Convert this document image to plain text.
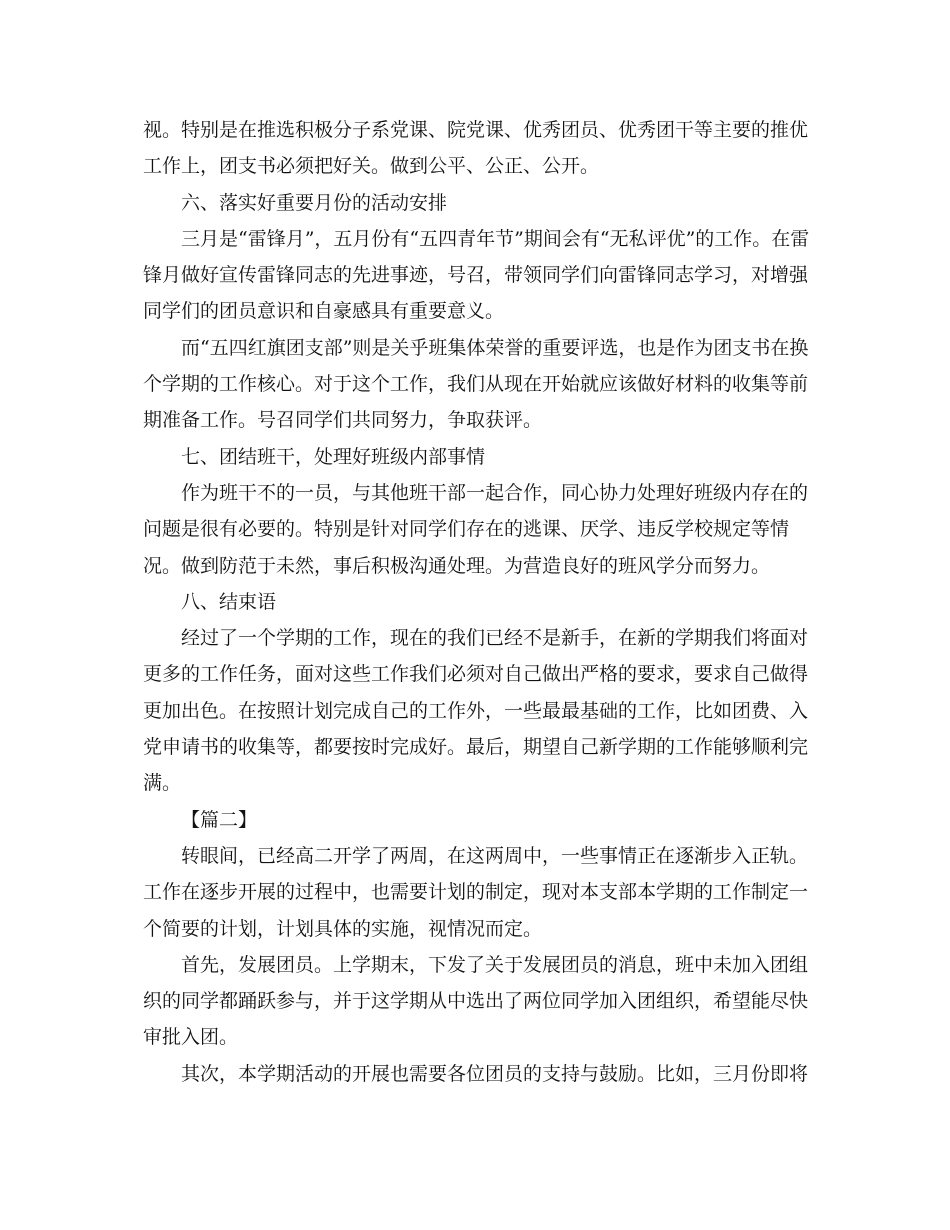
视。特别是在推选积极分子系党课、院党课、优秀团员、优秀团干等主要的推优
工作上，团支书必须把好关。做到公平、公正、公开。
六、落实好重要月份的活动安排
三月是“雷锋月”，五月份有“五四青年节”期间会有“无私评优”的工作。在雷
锋月做好宣传雷锋同志的先进事迹，号召，带领同学们向雷锋同志学习，对增强
同学们的团员意识和自豪感具有重要意义。
而“五四红旗团支部”则是关乎班集体荣誉的重要评选，也是作为团支书在换
个学期的工作核心。对于这个工作，我们从现在开始就应该做好材料的收集等前
期准备工作。号召同学们共同努力，争取获评。
七、团结班干，处理好班级内部事情
作为班干不的一员，与其他班干部一起合作，同心协力处理好班级内存在的
问题是很有必要的。特别是针对同学们存在的逃课、厌学、违反学校规定等情
况。做到防范于未然，事后积极沟通处理。为营造良好的班风学分而努力。
八、结束语
经过了一个学期的工作，现在的我们已经不是新手，在新的学期我们将面对
更多的工作任务，面对这些工作我们必须对自己做出严格的要求，要求自己做得
更加出色。在按照计划完成自己的工作外，一些最最基础的工作，比如团费、入
党申请书的收集等，都要按时完成好。最后，期望自己新学期的工作能够顺利完
满。
【篇二】
转眼间，已经高二开学了两周，在这两周中，一些事情正在逐渐步入正轨。
工作在逐步开展的过程中，也需要计划的制定，现对本支部本学期的工作制定一
个简要的计划，计划具体的实施，视情况而定。
首先，发展团员。上学期末，下发了关于发展团员的消息，班中未加入团组
织的同学都踊跃参与，并于这学期从中选出了两位同学加入团组织，希望能尽快
审批入团。
其次，本学期活动的开展也需要各位团员的支持与鼓励。比如，三月份即将
